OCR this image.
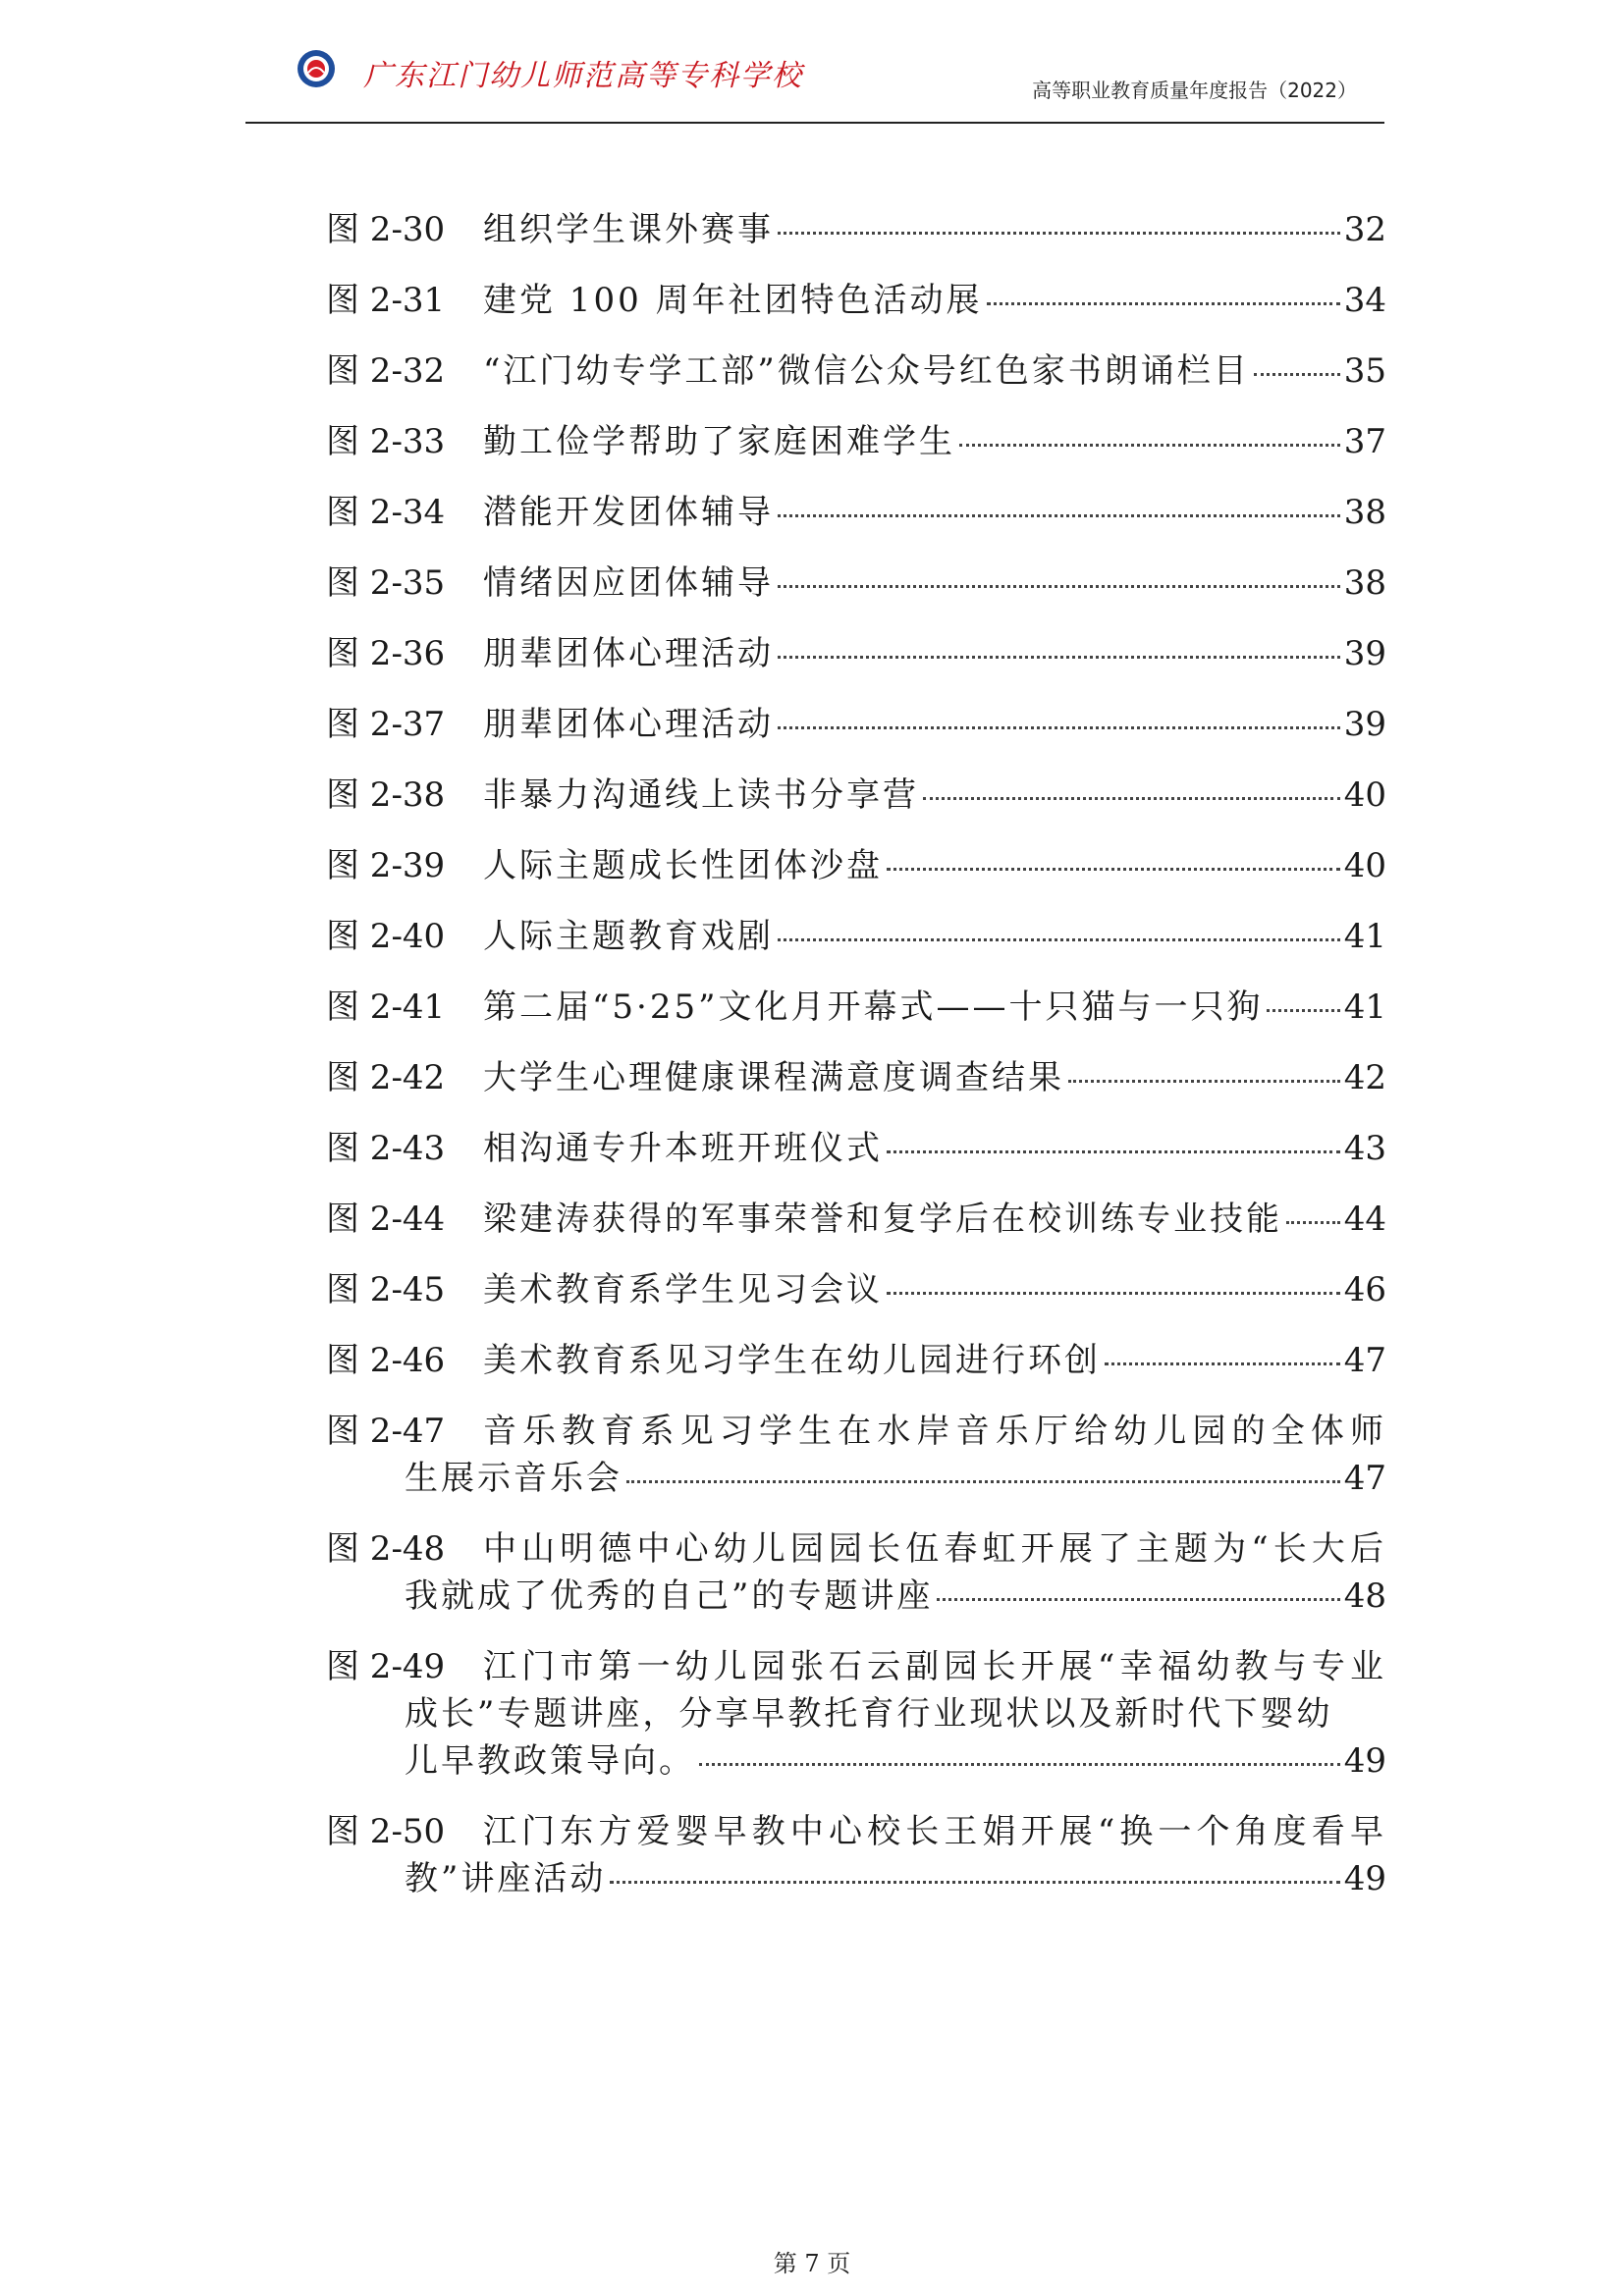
广东江门幼儿师范高等专科学校	高等职业教育质量年度报告（2022）
图 2-30	组织学生课外赛事	32
图 2-31	建党 100 周年社团特色活动展	34
图 2-32	“江门幼专学工部”微信公众号红色家书朗诵栏目	35
图 2-33	勤工俭学帮助了家庭困难学生	37
图 2-34	潜能开发团体辅导	38
图 2-35	情绪因应团体辅导	38
图 2-36	朋辈团体心理活动	39
图 2-37	朋辈团体心理活动	39
图 2-38	非暴力沟通线上读书分享营	40
图 2-39	人际主题成长性团体沙盘	40
图 2-40	人际主题教育戏剧	41
图 2-41	第二届“5·25”文化月开幕式——十只猫与一只狗 41
图 2-42	大学生心理健康课程满意度调查结果	42
图 2-43	相沟通专升本班开班仪式	43
图 2-44	梁建涛获得的军事荣誉和复学后在校训练专业技能 44
图 2-45	美术教育系学生见习会议	46
图 2-46	美术教育系见习学生在幼儿园进行环创	47
图 2-47	音乐教育系见习学生在水岸音乐厅给幼儿园的全体师
生展示音乐会	47
图 2-48	中山明德中心幼儿园园长伍春虹开展了主题为“长大后
我就成了优秀的自己”的专题讲座	48
图 2-49	江门市第一幼儿园张石云副园长开展“幸福幼教与专业
成长”专题讲座，分享早教托育行业现状以及新时代下婴幼
儿早教政策导向。	49
图 2-50	江门东方爱婴早教中心校长王娟开展“换一个角度看早
教”讲座活动	49
第 7 页
